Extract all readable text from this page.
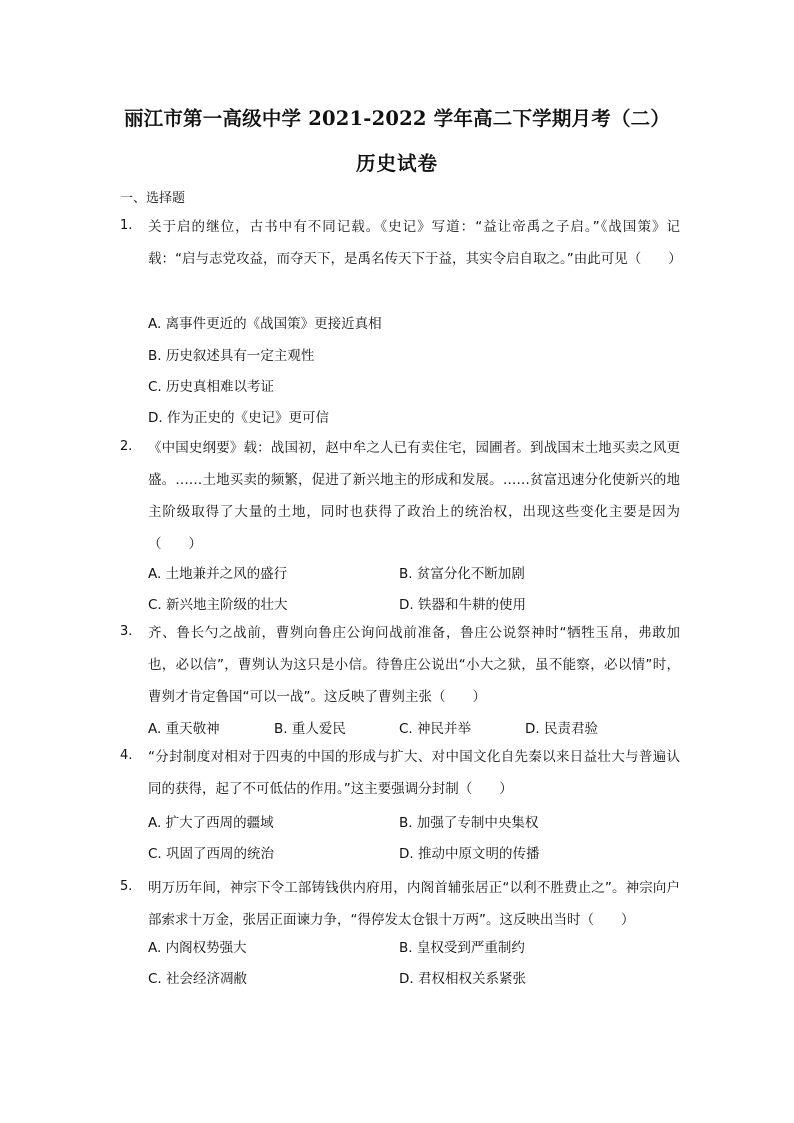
丽江市第一高级中学 2021-2022 学年高二下学期月考（二）
历史试卷
一、选择题
1.	关于启的继位，古书中有不同记载。《史记》写道：“益让帝禹之子启。”《战国策》记 载：“启与志党攻益，而夺天下，是禹名传天下于益，其实令启自取之。”由此可见（　　）
A. 离事件更近的《战国策》更接近真相
B. 历史叙述具有一定主观性
C. 历史真相难以考证
D. 作为正史的《史记》更可信
2.	《中国史纲要》载：战国初，赵中牟之人已有卖住宅，园圃者。到战国末土地买卖之风更盛。……土地买卖的频繁，促进了新兴地主的形成和发展。……贫富迅速分化使新兴的地主阶级取得了大量的土地，同时也获得了政治上的统治权，出现这些变化主要是因为（　　）
A. 土地兼并之风的盛行	B. 贫富分化不断加剧
C. 新兴地主阶级的壮大	D. 铁器和牛耕的使用
3.	齐、鲁长勺之战前，曹刿向鲁庄公询问战前准备，鲁庄公说祭神时“牺牲玉帛，弗敢加也，必以信”，曹刿认为这只是小信。待鲁庄公说出“小大之狱，虽不能察，必以情”时，曹刿才肯定鲁国“可以一战”。这反映了曹刿主张（　　）
A. 重天敬神	B. 重人爱民	C. 神民并举	D. 民责君验
4.	“分封制度对相对于四夷的中国的形成与扩大、对中国文化自先秦以来日益壮大与普遍认同的获得，起了不可低估的作用。”这主要强调分封制（　　）
A. 扩大了西周的疆域	B. 加强了专制中央集权
C. 巩固了西周的统治	D. 推动中原文明的传播
5.	明万历年间，神宗下令工部铸钱供内府用，内阁首辅张居正“以利不胜费止之”。神宗向户部索求十万金，张居正面谏力争，“得停发太仓银十万两”。这反映出当时（　　）
A. 内阁权势强大	B. 皇权受到严重制约
C. 社会经济凋敝	D. 君权相权关系紧张
